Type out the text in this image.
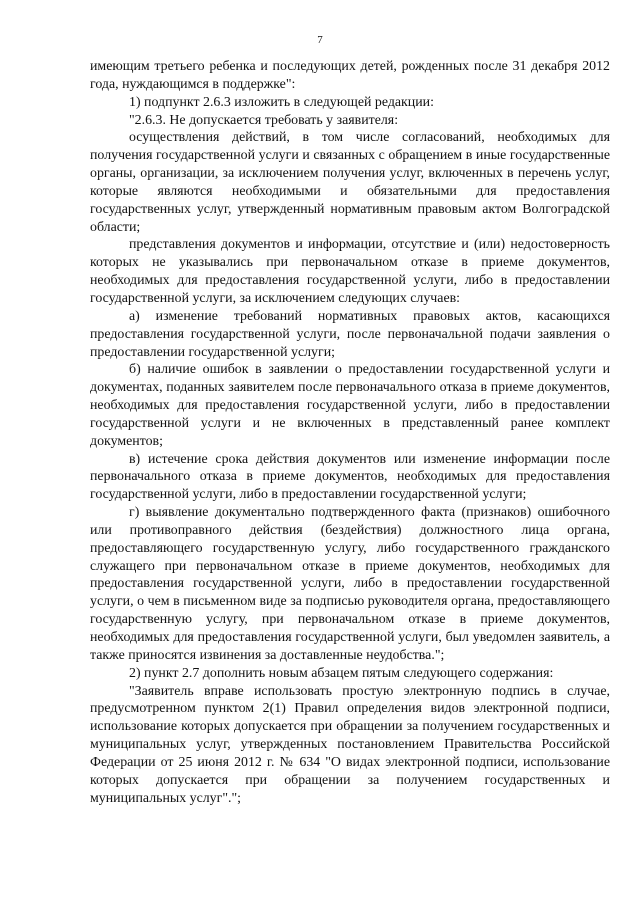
7

имеющим третьего ребенка и последующих детей, рожденных после 31 декабря 2012 года, нуждающимся в поддержке":

1) подпункт 2.6.3 изложить в следующей редакции:

"2.6.3. Не допускается требовать у заявителя:

осуществления действий, в том числе согласований, необходимых для получения государственной услуги и связанных с обращением в иные государственные органы, организации, за исключением получения услуг, включенных в перечень услуг, которые являются необходимыми и обязательными для предоставления государственных услуг, утвержденный нормативным правовым актом Волгоградской области;

представления документов и информации, отсутствие и (или) недостоверность которых не указывались при первоначальном отказе в приеме документов, необходимых для предоставления государственной услуги, либо в предоставлении государственной услуги, за исключением следующих случаев:

а) изменение требований нормативных правовых актов, касающихся предоставления государственной услуги, после первоначальной подачи заявления о предоставлении государственной услуги;

б) наличие ошибок в заявлении о предоставлении государственной услуги и документах, поданных заявителем после первоначального отказа в приеме документов, необходимых для предоставления государственной услуги, либо в предоставлении государственной услуги и не включенных в представленный ранее комплект документов;

в) истечение срока действия документов или изменение информации после первоначального отказа в приеме документов, необходимых для предоставления государственной услуги, либо в предоставлении государственной услуги;

г) выявление документально подтвержденного факта (признаков) ошибочного или противоправного действия (бездействия) должностного лица органа, предоставляющего государственную услугу, либо государственного гражданского служащего при первоначальном отказе в приеме документов, необходимых для предоставления государственной услуги, либо в предоставлении государственной услуги, о чем в письменном виде за подписью руководителя органа, предоставляющего государственную услугу, при первоначальном отказе в приеме документов, необходимых для предоставления государственной услуги, был уведомлен заявитель, а также приносятся извинения за доставленные неудобства.";

2) пункт 2.7 дополнить новым абзацем пятым следующего содержания:

"Заявитель вправе использовать простую электронную подпись в случае, предусмотренном пунктом 2(1) Правил определения видов электронной подписи, использование которых допускается при обращении за получением государственных и муниципальных услуг, утвержденных постановлением Правительства Российской Федерации от 25 июня 2012 г. № 634 "О видах электронной подписи, использование которых допускается при обращении за получением государственных и муниципальных услуг".";
